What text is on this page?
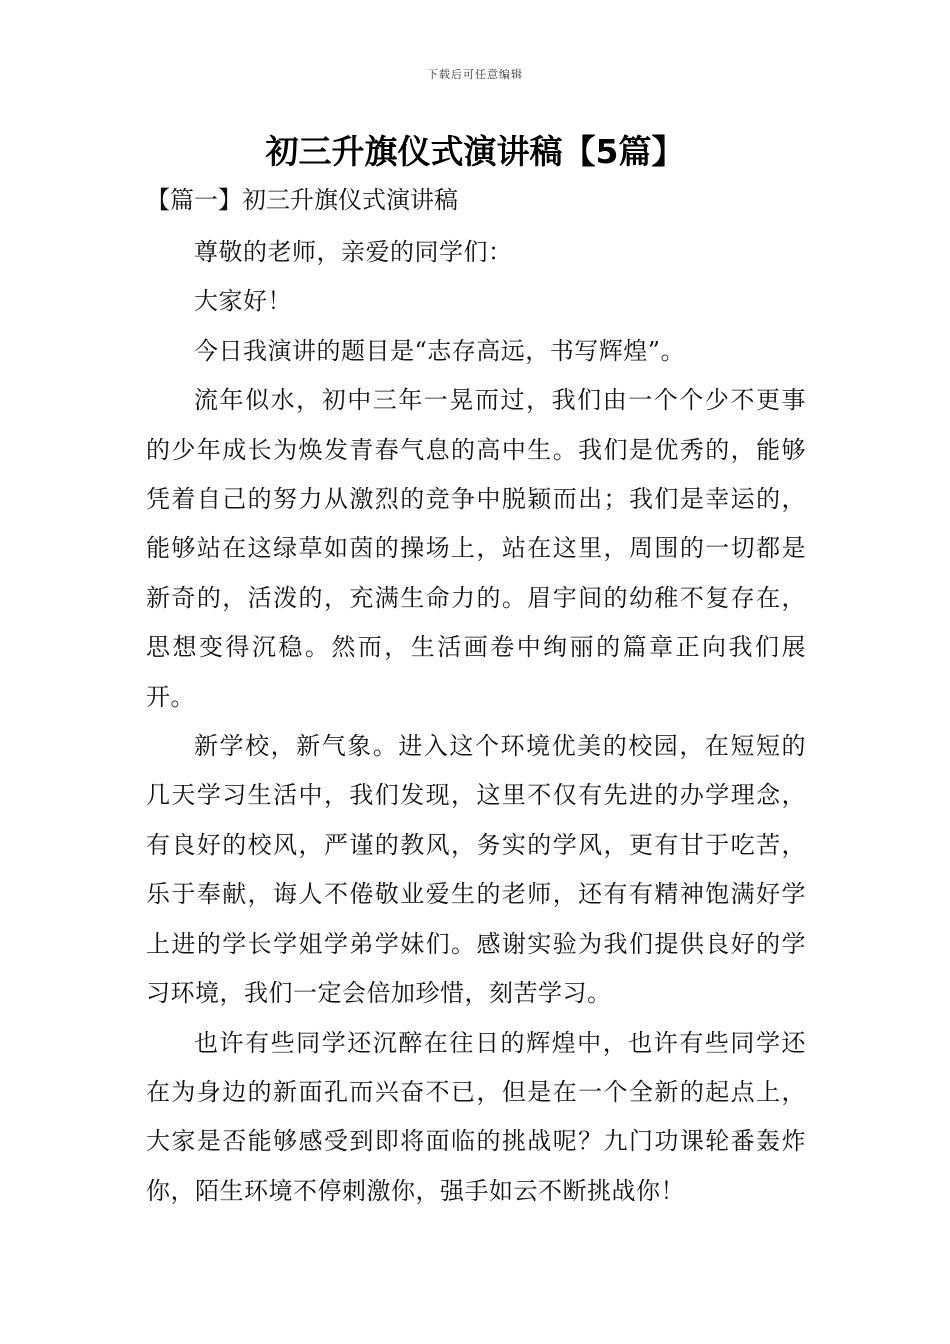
下载后可任意编辑
初三升旗仪式演讲稿【5篇】
【篇一】初三升旗仪式演讲稿

尊敬的老师，亲爱的同学们：

大家好！

今日我演讲的题目是“志存高远，书写辉煌”。

流年似水，初中三年一晃而过，我们由一个个少不更事的少年成长为焕发青春气息的高中生。我们是优秀的，能够凭着自己的努力从激烈的竞争中脱颖而出；我们是幸运的，能够站在这绿草如茵的操场上，站在这里，周围的一切都是新奇的，活泼的，充满生命力的。眉宇间的幼稚不复存在，思想变得沉稳。然而，生活画卷中绚丽的篇章正向我们展开。

新学校，新气象。进入这个环境优美的校园，在短短的几天学习生活中，我们发现，这里不仅有先进的办学理念，有良好的校风，严谨的教风，务实的学风，更有甘于吃苦，乐于奉献，诲人不倦敬业爱生的老师，还有有精神饱满好学上进的学长学姐学弟学妹们。感谢实验为我们提供良好的学习环境，我们一定会倍加珍惜，刻苦学习。

也许有些同学还沉醉在往日的辉煌中，也许有些同学还在为身边的新面孔而兴奋不已，但是在一个全新的起点上，大家是否能够感受到即将面临的挑战呢？九门功课轮番轰炸你，陌生环境不停刺激你，强手如云不断挑战你！
